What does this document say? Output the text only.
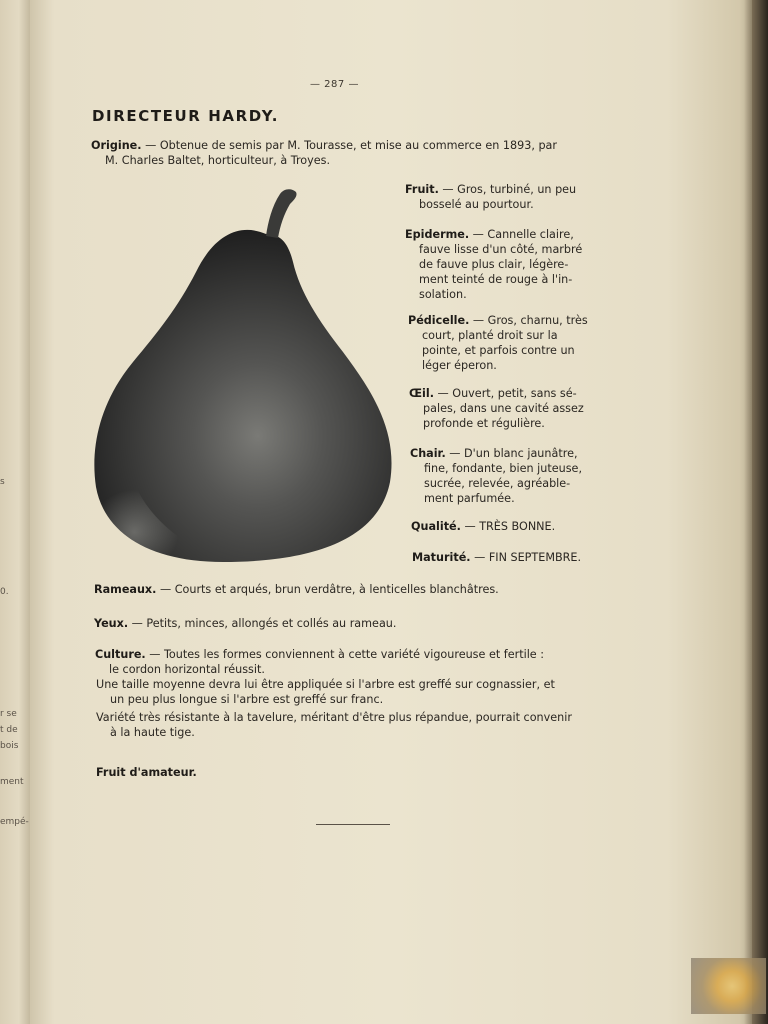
s
0.
r se
t de
bois
ment
empé-
— 287 —
DIRECTEUR HARDY.
Origine. — Obtenue de semis par M. Tourasse, et mise au commerce en 1893, par
M. Charles Baltet, horticulteur, à Troyes.
Fruit. — Gros, turbiné, un peu
bosselé au pourtour.
Epiderme. — Cannelle claire,
fauve lisse d'un côté, marbré
de fauve plus clair, légère-
ment teinté de rouge à l'in-
solation.
Pédicelle. — Gros, charnu, très
court, planté droit sur la
pointe, et parfois contre un
léger éperon.
Œil. — Ouvert, petit, sans sé-
pales, dans une cavité assez
profonde et régulière.
Chair. — D'un blanc jaunâtre,
fine, fondante, bien juteuse,
sucrée, relevée, agréable-
ment parfumée.
Qualité. — TRÈS BONNE.
Maturité. — FIN SEPTEMBRE.
Rameaux. — Courts et arqués, brun verdâtre, à lenticelles blanchâtres.
Yeux. — Petits, minces, allongés et collés au rameau.
Culture. — Toutes les formes conviennent à cette variété vigoureuse et fertile :
le cordon horizontal réussit.
Une taille moyenne devra lui être appliquée si l'arbre est greffé sur cognassier, et
un peu plus longue si l'arbre est greffé sur franc.
Variété très résistante à la tavelure, méritant d'être plus répandue, pourrait convenir
à la haute tige.
Fruit d'amateur.
